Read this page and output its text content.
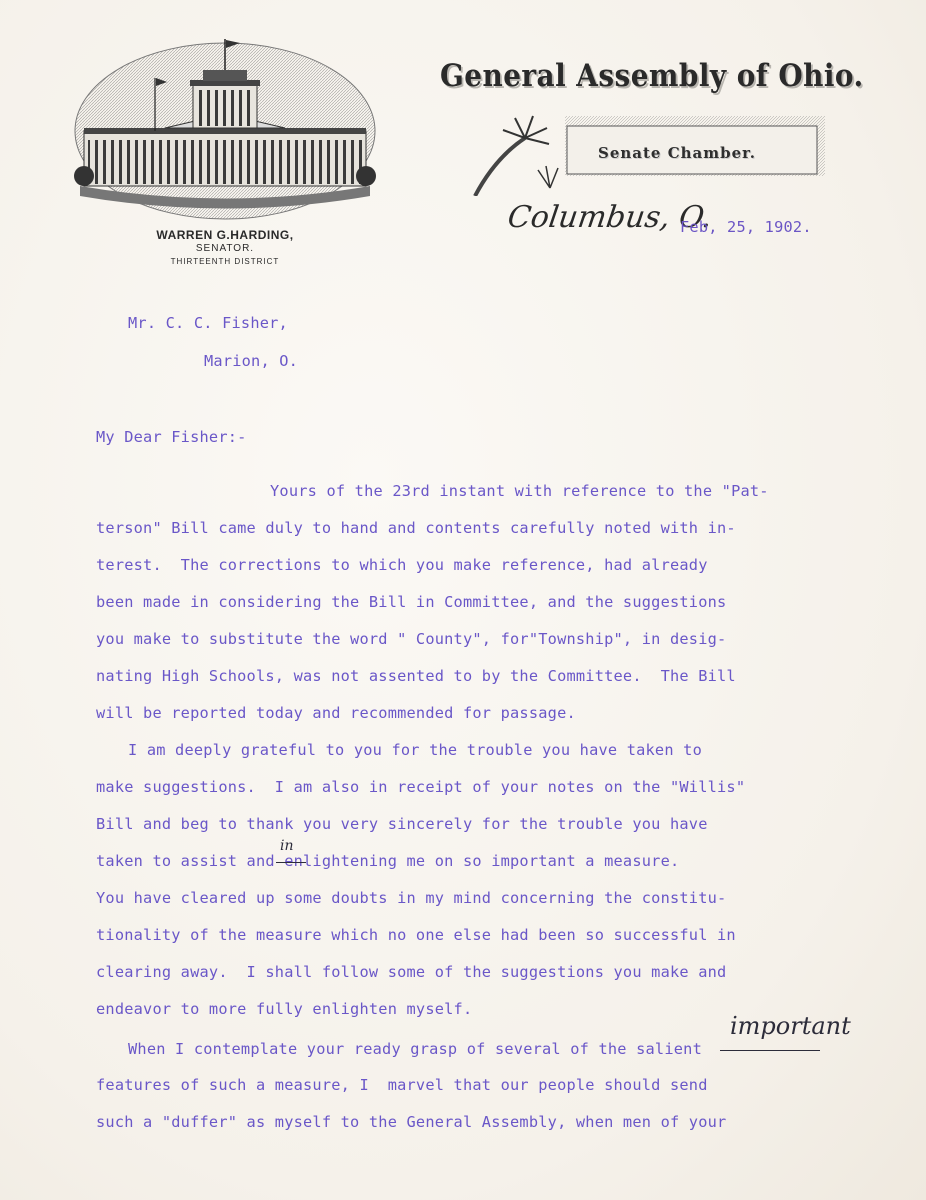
WARREN G.HARDING,
SENATOR.
THIRTEENTH DISTRICT
General Assembly of Ohio.
Senate Chamber.
Columbus, O.
Feb, 25, 1902.
Mr. C. C. Fisher,
Marion, O.
My Dear Fisher:-
Yours of the 23rd instant with reference to the "Pat-
terson" Bill came duly to hand and contents carefully noted with in-
terest.  The corrections to which you make reference, had already
been made in considering the Bill in Committee, and the suggestions
you make to substitute the word " County", for"Township", in desig-
nating High Schools, was not assented to by the Committee.  The Bill
will be reported today and recommended for passage.
I am deeply grateful to you for the trouble you have taken to
make suggestions.  I am also in receipt of your notes on the "Willis"
Bill and beg to thank you very sincerely for the trouble you have
taken to assist and enlightening me on so important a measure.
You have cleared up some doubts in my mind concerning the constitu-
tionality of the measure which no one else had been so successful in
clearing away.  I shall follow some of the suggestions you make and
endeavor to more fully enlighten myself.
When I contemplate your ready grasp of several of the salient
features of such a measure, I  marvel that our people should send
such a "duffer" as myself to the General Assembly, when men of your
in
important
